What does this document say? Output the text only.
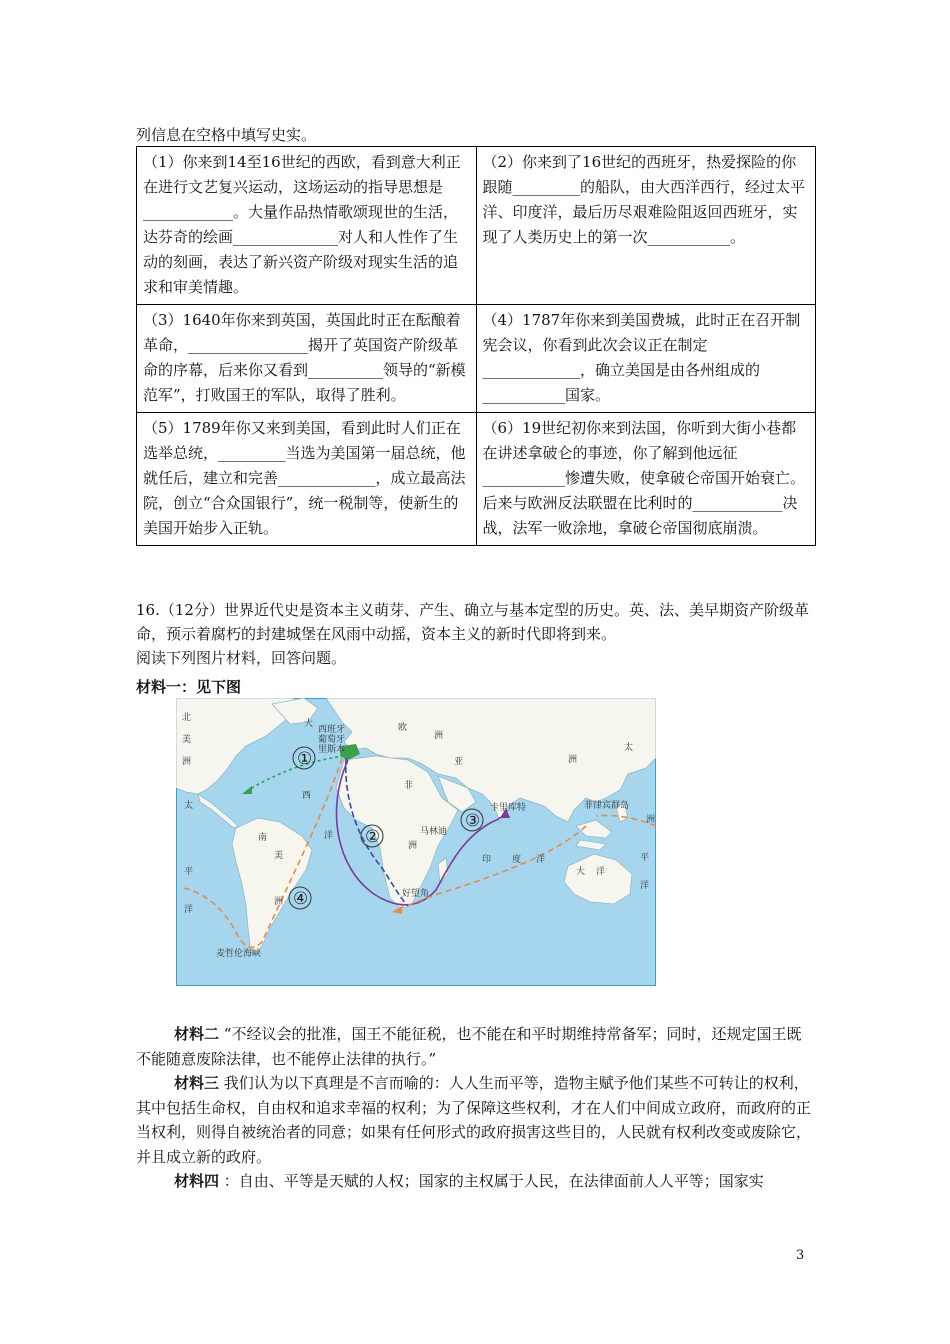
列信息在空格中填写史实。
（1）你来到14至16世纪的西欧，看到意大利正在进行文艺复兴运动，这场运动的指导思想是____________。大量作品热情歌颂现世的生活，达芬奇的绘画______________对人和人性作了生动的刻画，表达了新兴资产阶级对现实生活的追求和审美情趣。	（2）你来到了16世纪的西班牙，热爱探险的你跟随_________的船队，由大西洋西行，经过太平洋、印度洋，最后历尽艰难险阻返回西班牙，实现了人类历史上的第一次___________。
（3）1640年你来到英国，英国此时正在酝酿着革命，________________揭开了英国资产阶级革命的序幕，后来你又看到__________领导的“新模范军”，打败国王的军队，取得了胜利。	（4）1787年你来到美国费城，此时正在召开制宪会议，你看到此次会议正在制定_____________，确立美国是由各州组成的___________国家。
（5）1789年你又来到美国，看到此时人们正在选举总统，_________当选为美国第一届总统，他就任后，建立和完善_____________，成立最高法院，创立“合众国银行”，统一税制等，使新生的美国开始步入正轨。	（6）19世纪初你来到法国，你听到大街小巷都在讲述拿破仑的事迹，你了解到他远征___________惨遭失败，使拿破仑帝国开始衰亡。后来与欧洲反法联盟在比利时的____________决战，法军一败涂地，拿破仑帝国彻底崩溃。
16.（12分）世界近代史是资本主义萌芽、产生、确立与基本定型的历史。英、法、美早期资产阶级革命，预示着腐朽的封建城堡在风雨中动摇，资本主义的新时代即将到来。
阅读下列图片材料，回答问题。
材料一：见下图
①
②
③
④
北
美
洲
大
西
洋
欧
洲
亚	洲
非
洲
南
美
洲
太
平
洋
印 度 洋
大 洋
洲
太
平
洋
西班牙
葡萄牙
里斯本
卡里库特
马林迪
好望角
菲律宾群岛
麦哲伦海峡

材料二 “不经议会的批准，国王不能征税，也不能在和平时期维持常备军；同时，还规定国王既不能随意废除法律，也不能停止法律的执行。”

材料三 我们认为以下真理是不言而喻的：人人生而平等，造物主赋予他们某些不可转让的权利，其中包括生命权，自由权和追求幸福的权利；为了保障这些权利，才在人们中间成立政府，而政府的正当权利，则得自被统治者的同意；如果有任何形式的政府损害这些目的，人民就有权利改变或废除它，并且成立新的政府。

材料四 ：自由、平等是天赋的人权；国家的主权属于人民，在法律面前人人平等；国家实

3
